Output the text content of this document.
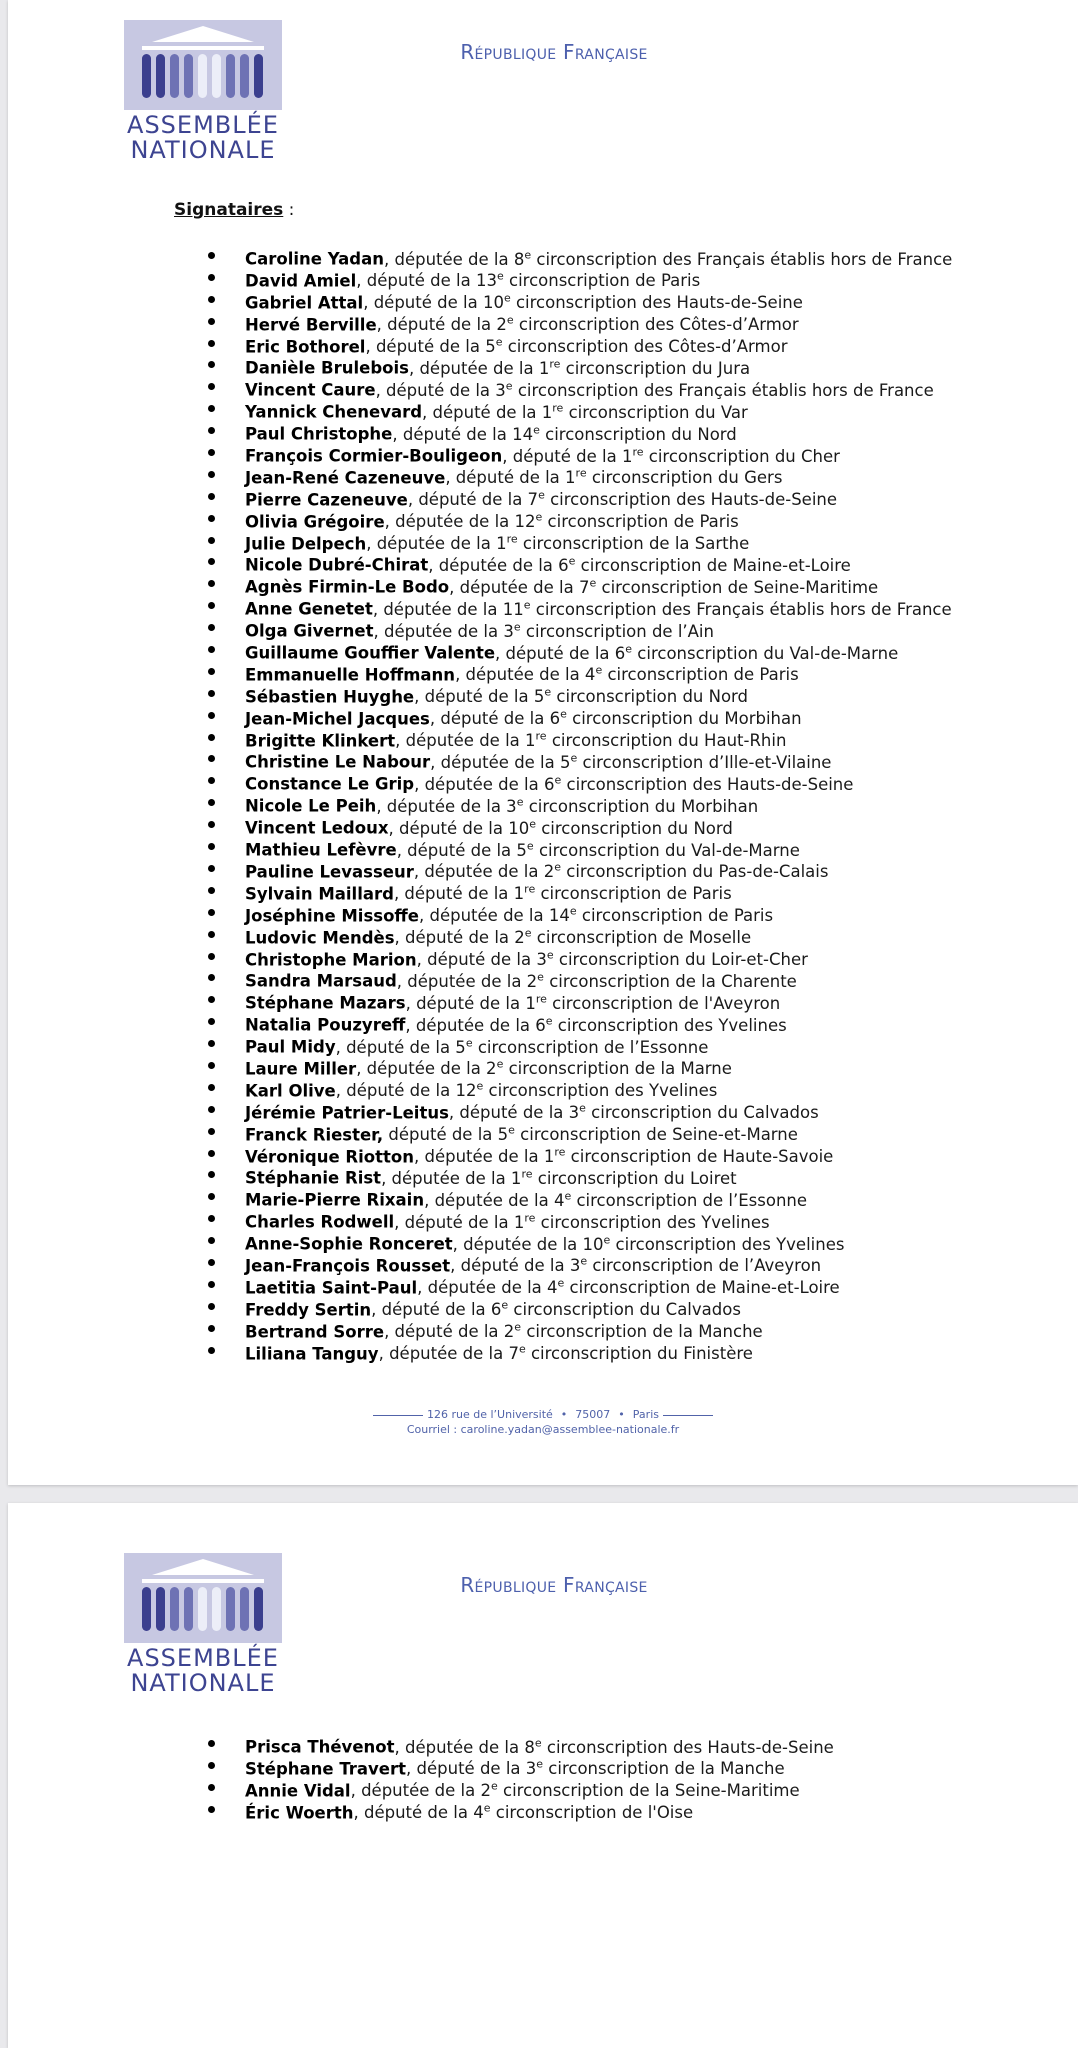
ASSEMBLÉE
NATIONALE
République Française
Signataires :
Caroline Yadan, députée de la 8e circonscription des Français établis hors de France
David Amiel, député de la 13e circonscription de Paris
Gabriel Attal, député de la 10e circonscription des Hauts-de-Seine
Hervé Berville, député de la 2e circonscription des Côtes-d’Armor
Eric Bothorel, député de la 5e circonscription des Côtes-d’Armor
Danièle Brulebois, députée de la 1re circonscription du Jura
Vincent Caure, député de la 3e circonscription des Français établis hors de France
Yannick Chenevard, député de la 1re circonscription du Var
Paul Christophe, député de la 14e circonscription du Nord
François Cormier-Bouligeon, député de la 1re circonscription du Cher
Jean-René Cazeneuve, député de la 1re circonscription du Gers
Pierre Cazeneuve, député de la 7e circonscription des Hauts-de-Seine
Olivia Grégoire, députée de la 12e circonscription de Paris
Julie Delpech, députée de la 1re circonscription de la Sarthe
Nicole Dubré-Chirat, députée de la 6e circonscription de Maine-et-Loire
Agnès Firmin-Le Bodo, députée de la 7e circonscription de Seine-Maritime
Anne Genetet, députée de la 11e circonscription des Français établis hors de France
Olga Givernet, députée de la 3e circonscription de l’Ain
Guillaume Gouffier Valente, député de la 6e circonscription du Val-de-Marne
Emmanuelle Hoffmann, députée de la 4e circonscription de Paris
Sébastien Huyghe, député de la 5e circonscription du Nord
Jean-Michel Jacques, député de la 6e circonscription du Morbihan
Brigitte Klinkert, députée de la 1re circonscription du Haut-Rhin
Christine Le Nabour, députée de la 5e circonscription d’Ille-et-Vilaine
Constance Le Grip, députée de la 6e circonscription des Hauts-de-Seine
Nicole Le Peih, députée de la 3e circonscription du Morbihan
Vincent Ledoux, député de la 10e circonscription du Nord
Mathieu Lefèvre, député de la 5e circonscription du Val-de-Marne
Pauline Levasseur, députée de la 2e circonscription du Pas-de-Calais
Sylvain Maillard, député de la 1re circonscription de Paris
Joséphine Missoffe, députée de la 14e circonscription de Paris
Ludovic Mendès, député de la 2e circonscription de Moselle
Christophe Marion, député de la 3e circonscription du Loir-et-Cher
Sandra Marsaud, députée de la 2e circonscription de la Charente
Stéphane Mazars, député de la 1re circonscription de l'Aveyron
Natalia Pouzyreff, députée de la 6e circonscription des Yvelines
Paul Midy, député de la 5e circonscription de l’Essonne
Laure Miller, députée de la 2e circonscription de la Marne
Karl Olive, député de la 12e circonscription des Yvelines
Jérémie Patrier-Leitus, député de la 3e circonscription du Calvados
Franck Riester, député de la 5e circonscription de Seine-et-Marne
Véronique Riotton, députée de la 1re circonscription de Haute-Savoie
Stéphanie Rist, députée de la 1re circonscription du Loiret
Marie-Pierre Rixain, députée de la 4e circonscription de l’Essonne
Charles Rodwell, député de la 1re circonscription des Yvelines
Anne-Sophie Ronceret, députée de la 10e circonscription des Yvelines
Jean-François Rousset, député de la 3e circonscription de l’Aveyron
Laetitia Saint-Paul, députée de la 4e circonscription de Maine-et-Loire
Freddy Sertin, député de la 6e circonscription du Calvados
Bertrand Sorre, député de la 2e circonscription de la Manche
Liliana Tanguy, députée de la 7e circonscription du Finistère
126 rue de l’Université • 75007 • Paris
Courriel : caroline.yadan@assemblee-nationale.fr
ASSEMBLÉE
NATIONALE
République Française
Prisca Thévenot, députée de la 8e circonscription des Hauts-de-Seine
Stéphane Travert, député de la 3e circonscription de la Manche
Annie Vidal, députée de la 2e circonscription de la Seine-Maritime
Éric Woerth, député de la 4e circonscription de l'Oise
